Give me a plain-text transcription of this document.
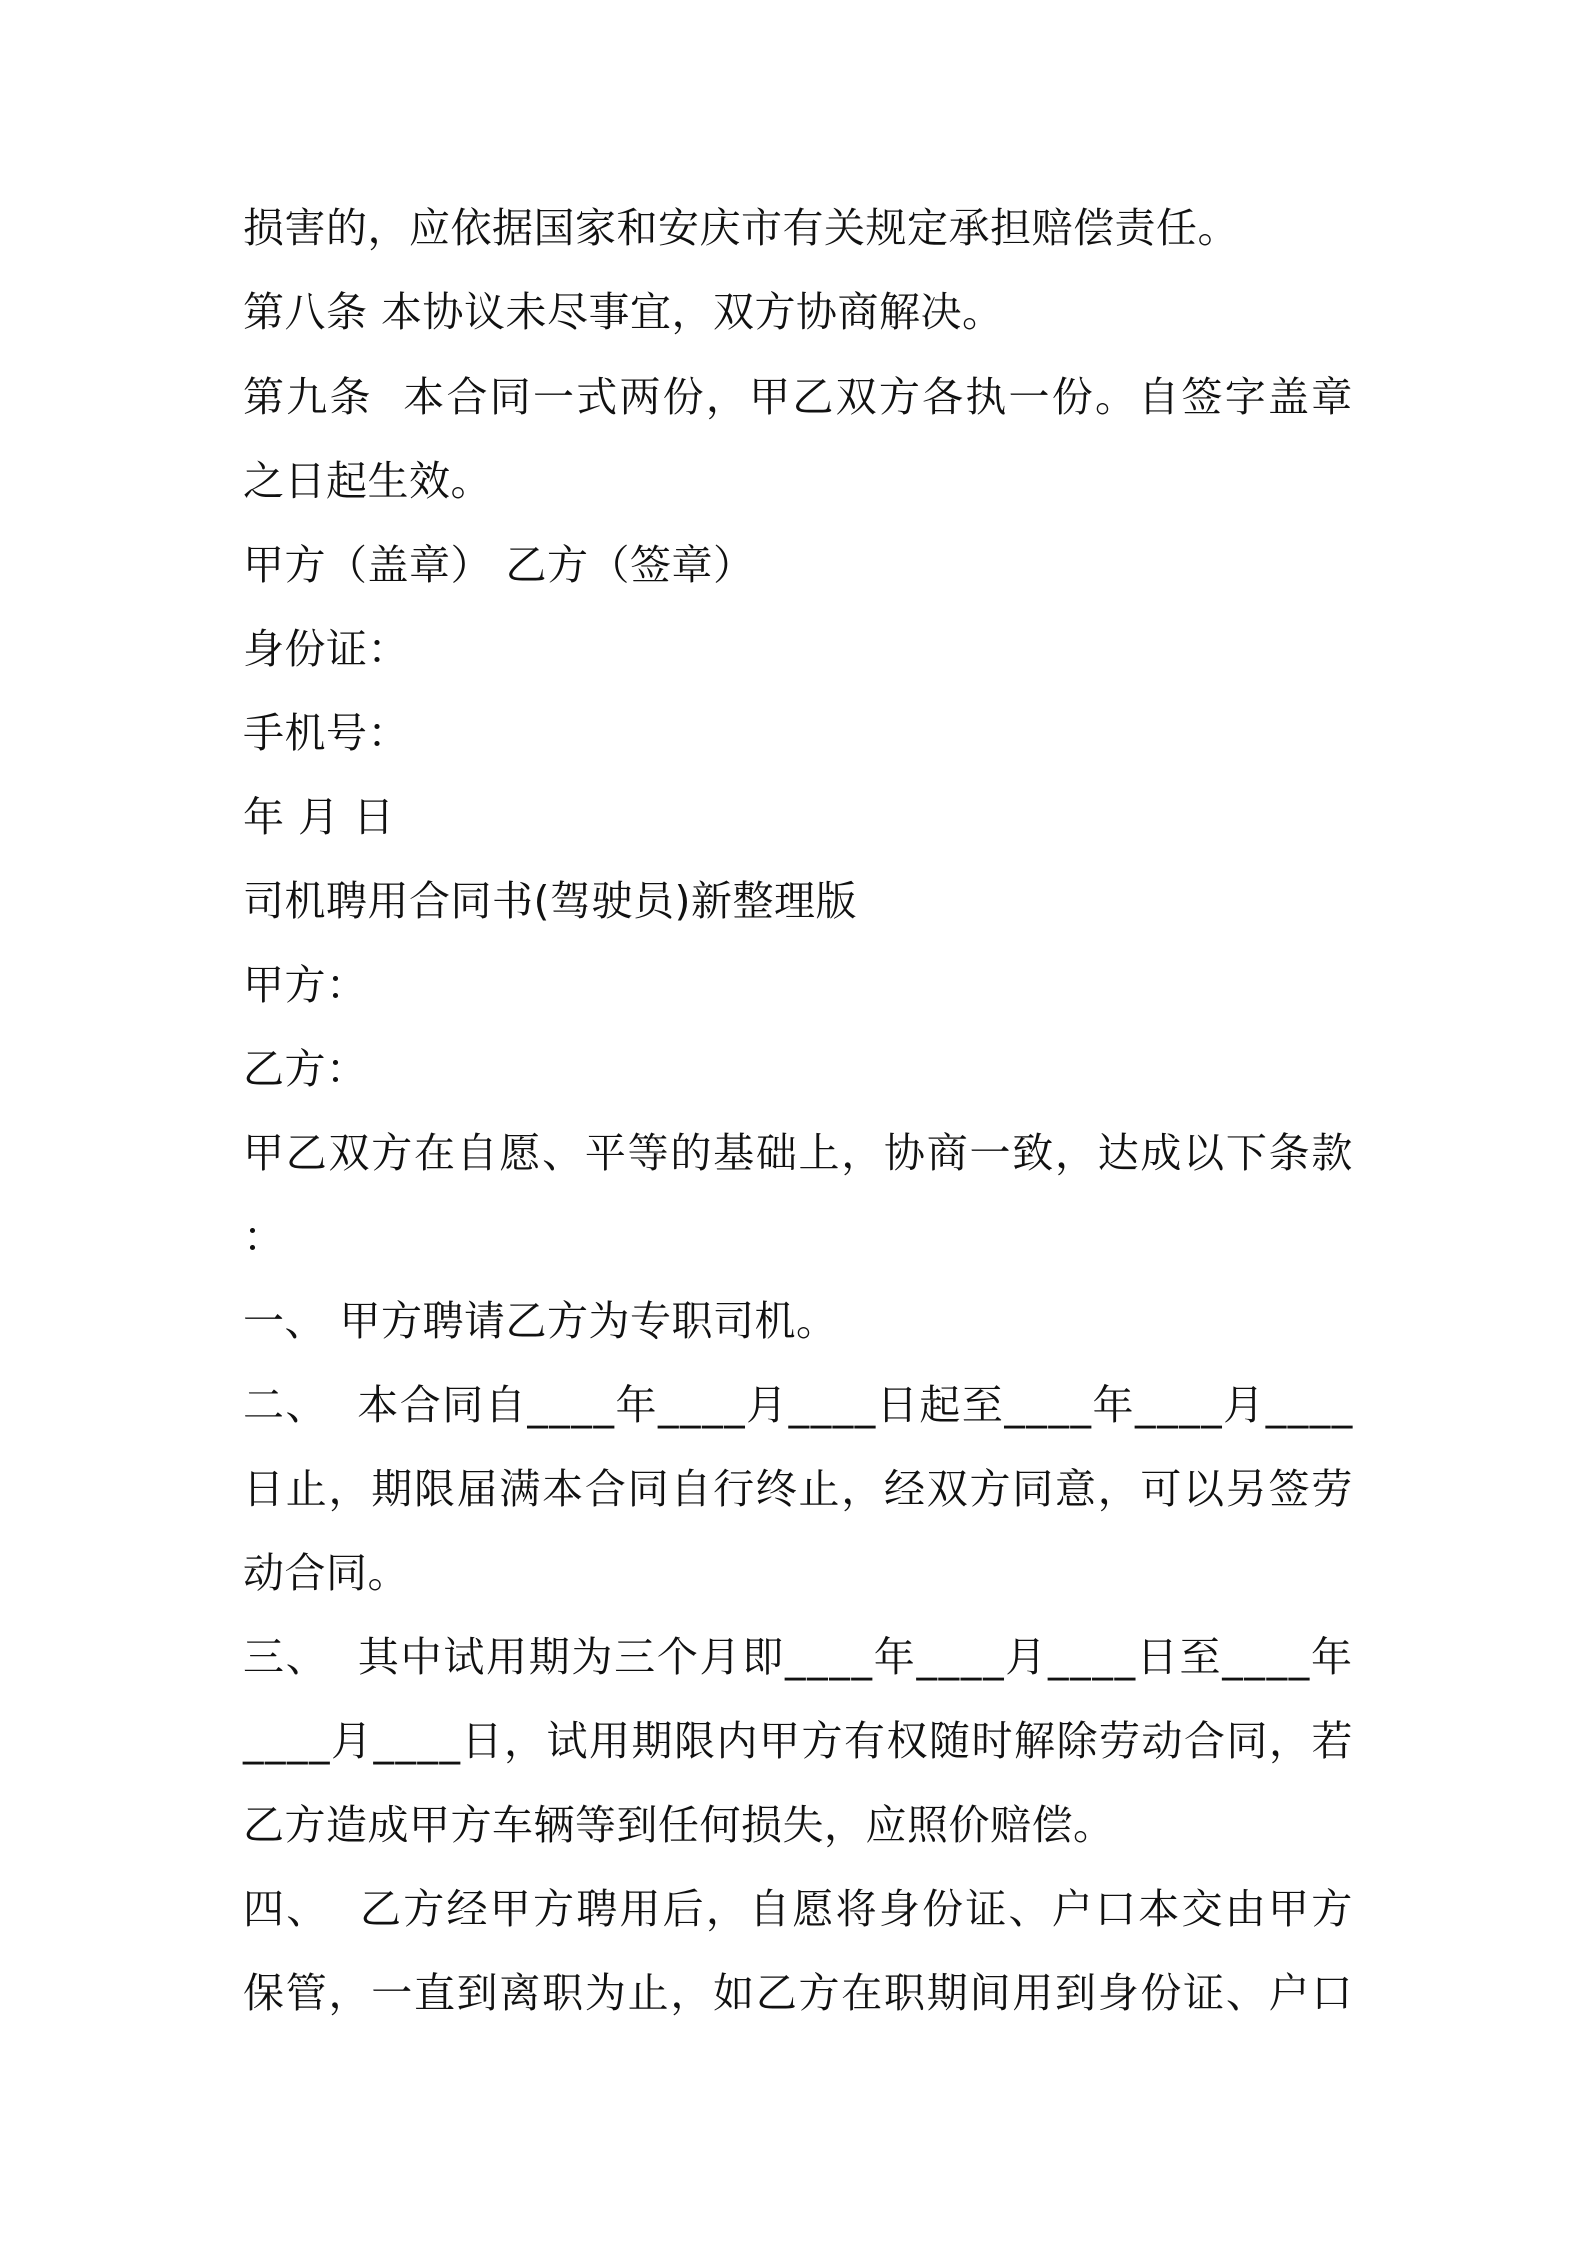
损害的，应依据国家和安庆市有关规定承担赔偿责任。
第八条 本协议未尽事宜，双方协商解决。
第 九 条

本 合 同 一 式 两 份 ， 甲 乙 双 方 各 执 一 份 。 自 签 字 盖 章
之日起生效。
甲方（盖章） 乙方（签章）
身份证：
手机号：
年 月 日
司机聘用合同书(驾驶员)新整理版
甲方：
乙方：
甲 乙 双 方 在 自 愿 、 平 等 的 基 础 上 ， 协 商 一 致 ， 达 成 以 下 条 款
：
一、 甲方聘请乙方为专职司机。
二 、

本 合 同 自 _ _ _ _ 年 _ _ _ _ 月 _ _ _ _ 日 起 至 _ _ _ _ 年 _ _ _ _ 月 _ _ _ _
日 止 ， 期 限 届 满 本 合 同 自 行 终 止 ， 经 双 方 同 意 ， 可 以 另 签 劳
动合同。
三 、

其 中 试 用 期 为 三 个 月 即 _ _ _ _ 年 _ _ _ _ 月 _ _ _ _ 日 至 _ _ _ _ 年
_ _ _ _ 月 _ _ _ _ 日 ， 试 用 期 限 内 甲 方 有 权 随 时 解 除 劳 动 合 同 ， 若
乙方造成甲方车辆等到任何损失，应照价赔偿。
四 、

乙 方 经 甲 方 聘 用 后 ， 自 愿 将 身 份 证 、 户 口 本 交 由 甲 方
保 管 ， 一 直 到 离 职 为 止 ， 如 乙 方 在 职 期 间 用 到 身 份 证 、 户 口
